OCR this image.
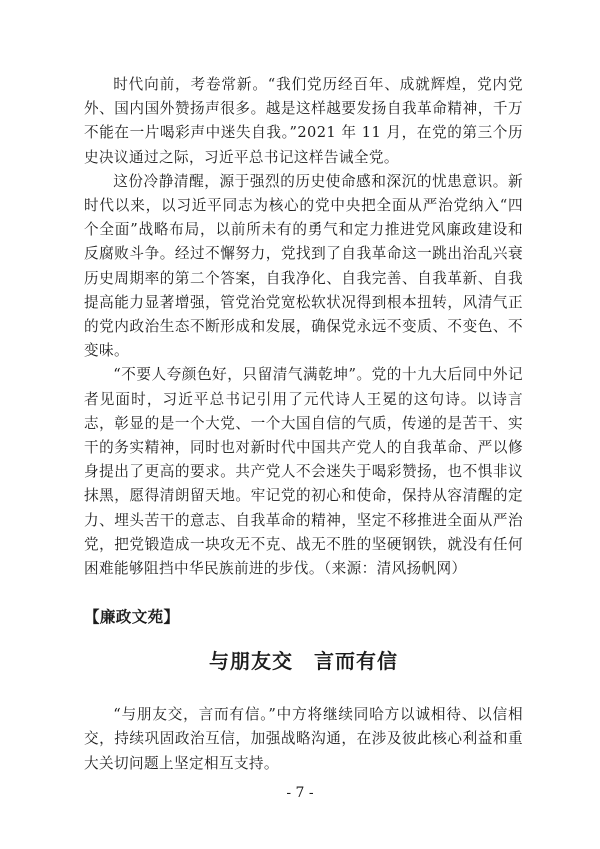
时代向前，考卷常新。“我们党历经百年、成就辉煌，党内党外、国内国外赞扬声很多。越是这样越要发扬自我革命精神，千万不能在一片喝彩声中迷失自我。”2021 年 11 月，在党的第三个历史决议通过之际，习近平总书记这样告诫全党。

这份冷静清醒，源于强烈的历史使命感和深沉的忧患意识。新时代以来，以习近平同志为核心的党中央把全面从严治党纳入“四个全面”战略布局，以前所未有的勇气和定力推进党风廉政建设和反腐败斗争。经过不懈努力，党找到了自我革命这一跳出治乱兴衰历史周期率的第二个答案，自我净化、自我完善、自我革新、自我提高能力显著增强，管党治党宽松软状况得到根本扭转，风清气正的党内政治生态不断形成和发展，确保党永远不变质、不变色、不变味。

“不要人夸颜色好，只留清气满乾坤”。党的十九大后同中外记者见面时，习近平总书记引用了元代诗人王冕的这句诗。以诗言志，彰显的是一个大党、一个大国自信的气质，传递的是苦干、实干的务实精神，同时也对新时代中国共产党人的自我革命、严以修身提出了更高的要求。共产党人不会迷失于喝彩赞扬，也不惧非议抹黑，愿得清朗留天地。牢记党的初心和使命，保持从容清醒的定力、埋头苦干的意志、自我革命的精神，坚定不移推进全面从严治党，把党锻造成一块攻无不克、战无不胜的坚硬钢铁，就没有任何困难能够阻挡中华民族前进的步伐。（来源：清风扬帆网）

【廉政文苑】
与朋友交　言而有信

“与朋友交，言而有信。”中方将继续同哈方以诚相待、以信相交，持续巩固政治互信，加强战略沟通，在涉及彼此核心利益和重大关切问题上坚定相互支持。

- 7 -
